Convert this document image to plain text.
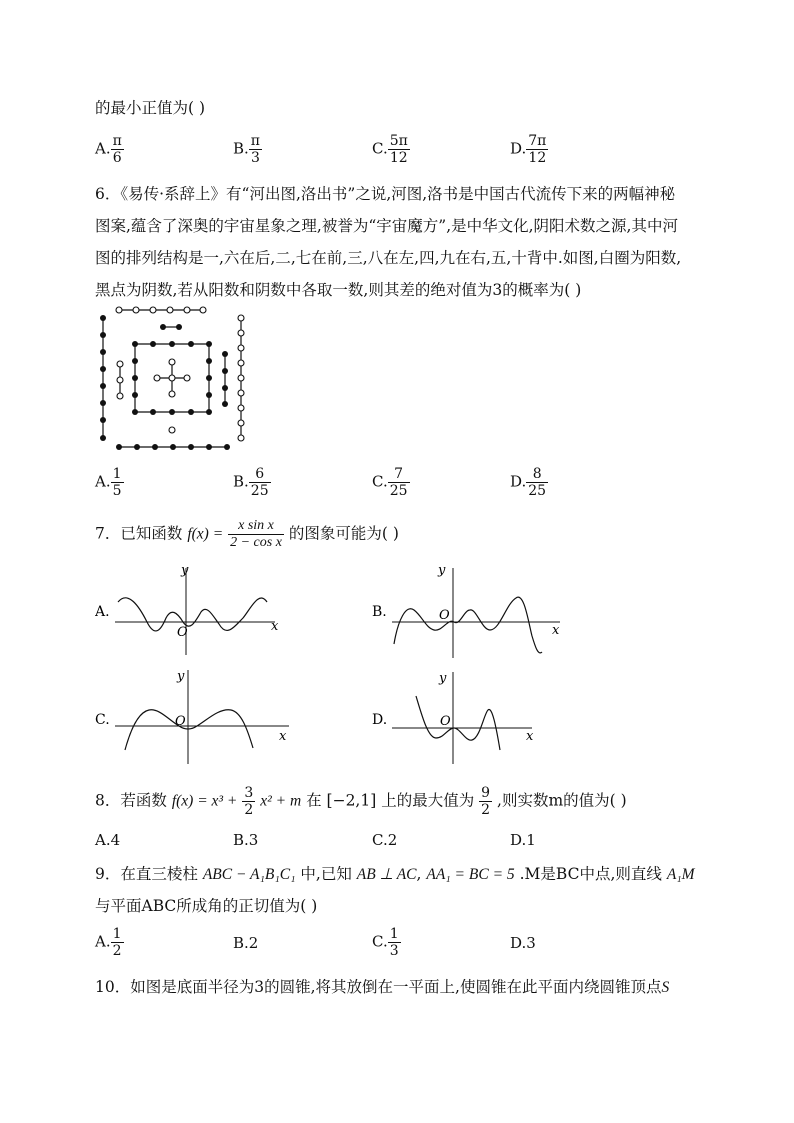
的最小正值为( )
A. $\frac{\pi}{6}$	B. $\frac{\pi}{3}$	C. $\frac{5\pi}{12}$	D. $\frac{7\pi}{12}$
6．《易传·系辞上》有“河出图,洛出书”之说,河图,洛书是中国古代流传下来的两幅神秘
图案,蕴含了深奥的宇宙星象之理,被誉为“宇宙魔方”,是中华文化,阴阳术数之源,其中河
图的排列结构是一,六在后,二,七在前,三,八在左,四,九在右,五,十背中.如图,白圈为阳数,
黑点为阴数,若从阳数和阴数中各取一数,则其差的绝对值为3的概率为( )
A. $\frac{1}{5}$	B. $\frac{6}{25}$	C. $\frac{7}{25}$	D. $\frac{8}{25}$
7．已知函数 $f(x) = \frac{\text{x sin x}}{\text{2 − cos x}}$ 的图象可能为( )
A.
x
y
O
B.
x
y
O
C.
x
y
O	D.
x
y
O
8．若函数 $f(x) = x^3 + \frac{3}{2} x^2 + m$ 在 [−2,1] 上的最大值为 $\frac{9}{2}$ ,则实数m的值为( )
A.4	B.3	C.2	D.1
9．在直三棱柱 ABC − A₁B₁C₁ 中,已知 AB ⊥ AC, AA₁ = BC = 5 .M是BC中点,则直线 A₁M
与平面ABC所成角的正切值为( )
A. $\frac{1}{2}$	B.2	C. $\frac{1}{3}$	D.3
10．如图是底面半径为3的圆锥,将其放倒在一平面上,使圆锥在此平面内绕圆锥顶点S
